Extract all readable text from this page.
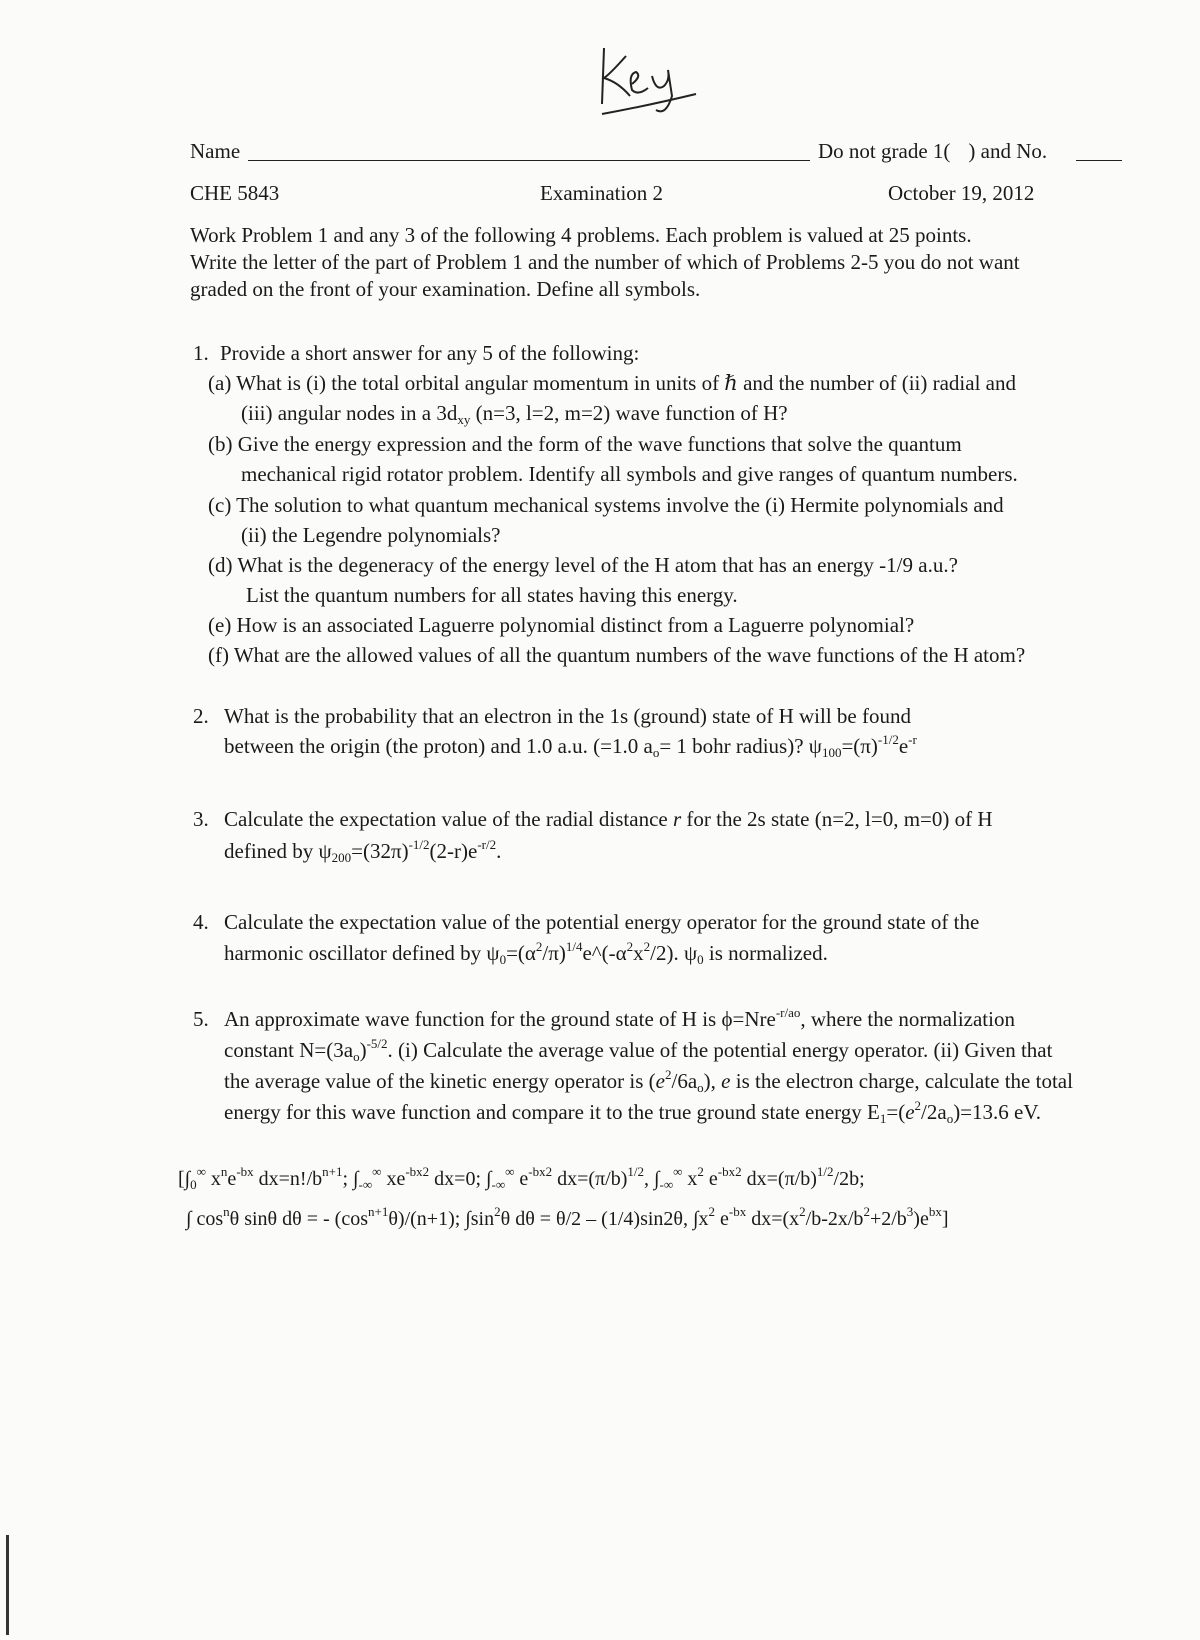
Name	Do not grade 1( ) and No.
CHE 5843	Examination 2	October 19, 2012
Work Problem 1 and any 3 of the following 4 problems. Each problem is valued at 25 points.
Write the letter of the part of Problem 1 and the number of which of Problems 2-5 you do not want
graded on the front of your examination. Define all symbols.
1. Provide a short answer for any 5 of the following:
(a) What is (i) the total orbital angular momentum in units of ℏ and the number of (ii) radial and
(iii) angular nodes in a $3d_{xy}$ (n=3, l=2, m=2) wave function of H?
(b) Give the energy expression and the form of the wave functions that solve the quantum
mechanical rigid rotator problem. Identify all symbols and give ranges of quantum numbers.
(c) The solution to what quantum mechanical systems involve the (i) Hermite polynomials and
(ii) the Legendre polynomials?
(d) What is the degeneracy of the energy level of the H atom that has an energy -1/9 a.u.?
List the quantum numbers for all states having this energy.
(e) How is an associated Laguerre polynomial distinct from a Laguerre polynomial?
(f) What are the allowed values of all the quantum numbers of the wave functions of the H atom?
2. What is the probability that an electron in the 1s (ground) state of H will be found
between the origin (the proton) and 1.0 a.u. (=1.0 $a_o= 1$ bohr radius)? $\psi_{100}=(\pi)^{-1/2}e^{-r}$
3. Calculate the expectation value of the radial distance r for the 2s state (n=2, l=0, m=0) of H
defined by $\psi_{200}=(32\pi)^{-1/2}(2-r)e^{-r/2}$.
4. Calculate the expectation value of the potential energy operator for the ground state of the
harmonic oscillator defined by $\psi_0=(\alpha^2/\pi)^{1/4}e\^{}(-\alpha^2x^2/2)$. $\psi_0$ is normalized.
5. An approximate wave function for the ground state of H is ϕ=Nre$^{-r/ao}$, where the normalization
constant $N=(3a_o)^{-5/2}$. (i) Calculate the average value of the potential energy operator. (ii) Given that
the average value of the kinetic energy operator is $(e^2/6a_o)$, e is the electron charge, calculate the total
energy for this wave function and compare it to the true ground state energy $E_1=(e^2/2a_o)=13.6$ eV.
[$\int_0^\infty$ $x^ne^{-bx}$ $dx=n!/b^{n+1}$; $\int_{-\infty}^\infty$ $xe^{-bx2}$ dx=0; $\int_{-\infty}^\infty$ $e^{-bx2}$ $dx=(\pi/b)^{1/2}$, $\int_{-\infty}^\infty$ $x^2$ $e^{-bx2}$ $dx=(\pi/b)^{1/2}/2b$;
∫ $\cos^n\theta$ sinθ dθ = - $(\cos^{n+1}\theta)/(n+1)$; $\int\sin^2\theta$ dθ = θ/2 – (1/4)sin2θ, $\int x^2$ $e^{-bx}$ $dx=(x^2/b-2x/b^2+2/b^3)e^{bx}$]
